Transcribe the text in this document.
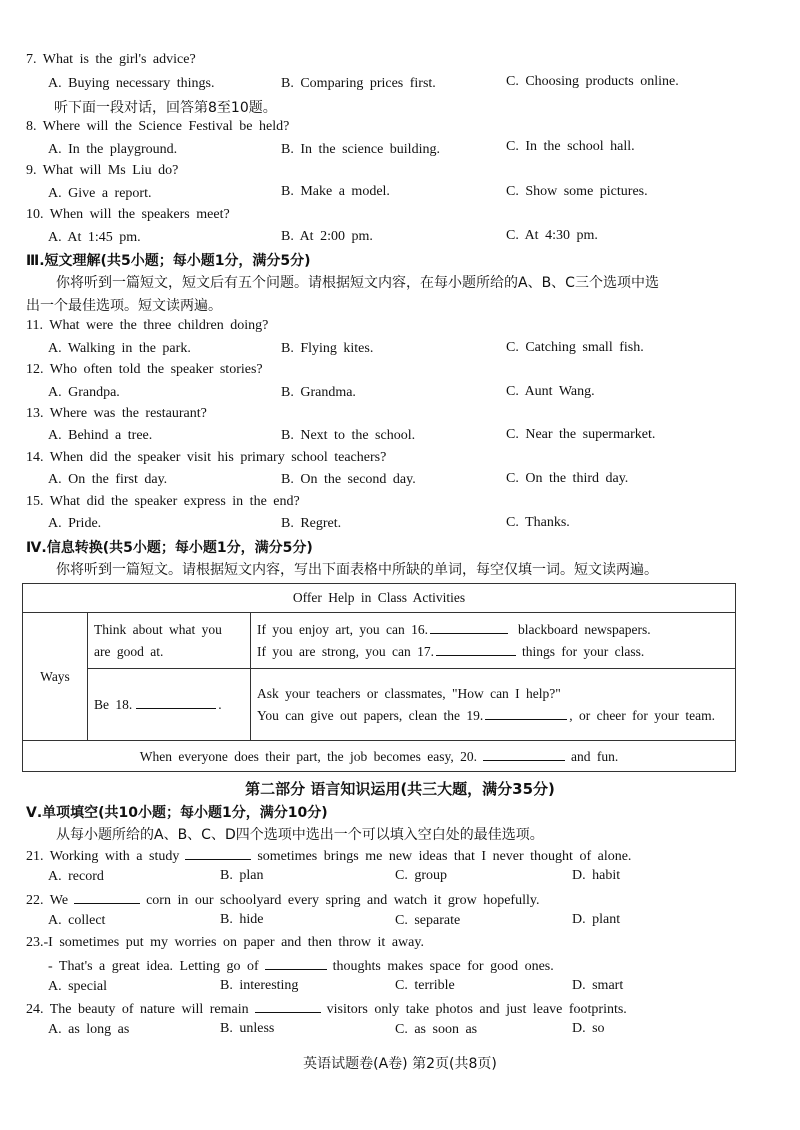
7. What is the girl's advice?
A. Buying necessary things.	B. Comparing prices first.	C. Choosing products online.
听下面一段对话，回答第8至10题。
8. Where will the Science Festival be held?
A. In the playground.	B. In the science building.	C. In the school hall.
9. What will Ms Liu do?
A. Give a report.	B. Make a model.	C. Show some pictures.
10. When will the speakers meet?
A. At 1:45 pm.	B. At 2:00 pm.	C. At 4:30 pm.
Ⅲ.短文理解(共5小题；每小题1分，满分5分)
你将听到一篇短文，短文后有五个问题。请根据短文内容，在每小题所给的A、B、C三个选项中选
出一个最佳选项。短文读两遍。
11. What were the three children doing?
A. Walking in the park.	B. Flying kites.	C. Catching small fish.
12. Who often told the speaker stories?
A. Grandpa.	B. Grandma.	C. Aunt Wang.
13. Where was the restaurant?
A. Behind a tree.	B. Next to the school.	C. Near the supermarket.
14. When did the speaker visit his primary school teachers?
A. On the first day.	B. On the second day.	C. On the third day.
15. What did the speaker express in the end?
A. Pride.	B. Regret.	C. Thanks.
Ⅳ.信息转换(共5小题；每小题1分，满分5分)
你将听到一篇短文。请根据短文内容，写出下面表格中所缺的单词，每空仅填一词。短文读两遍。
Offer Help in Class Activities		
Ways	Think about what you are good at.	If you enjoy art, you can 16. blackboard newspapers.
If you are strong, you can 17. things for your class.

	Be 18. .	Ask your teachers or classmates, "How can I help?"
You can give out papers, clean the 19. , or cheer for your team.

When everyone does their part, the job becomes easy, 20. and fun.		
第二部分 语言知识运用(共三大题，满分35分)
Ⅴ.单项填空(共10小题；每小题1分，满分10分)
从每小题所给的A、B、C、D四个选项中选出一个可以填入空白处的最佳选项。
21. Working with a study	sometimes brings me new ideas that I never thought of alone.
A. record	B. plan	C. group	D. habit
22. We	corn in our schoolyard every spring and watch it grow hopefully.
A. collect	B. hide	C. separate	D. plant
23.-I sometimes put my worries on paper and then throw it away.
- That's a great idea. Letting go of	thoughts makes space for good ones.
A. special	B. interesting	C. terrible	D. smart
24. The beauty of nature will remain	visitors only take photos and just leave footprints.
A. as long as	B. unless	C. as soon as	D. so
英语试题卷(A卷) 第2页(共8页)
